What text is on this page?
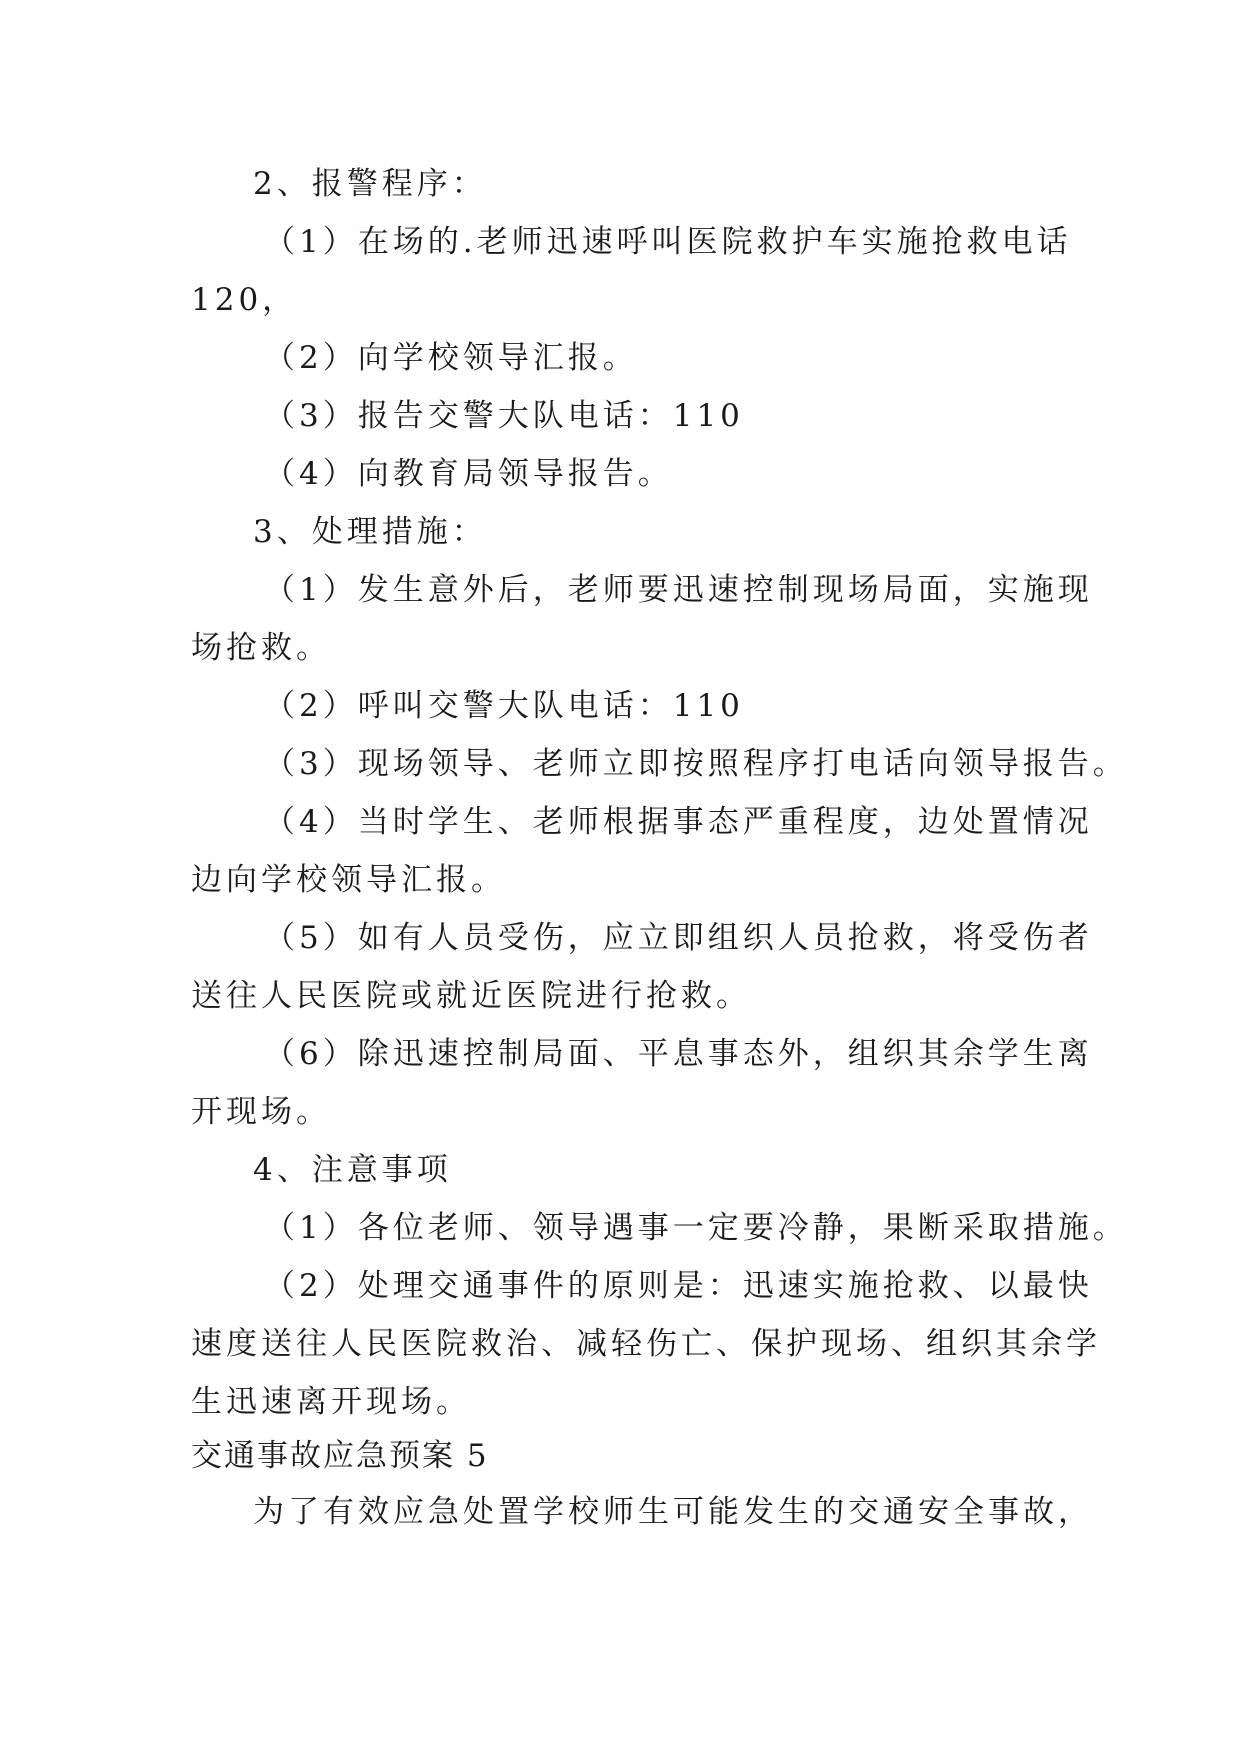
2、报警程序：
（1）在场的.老师迅速呼叫医院救护车实施抢救电话
120，
（2）向学校领导汇报。
（3）报告交警大队电话：110
（4）向教育局领导报告。
3、处理措施：
（1）发生意外后，老师要迅速控制现场局面，实施现
场抢救。
（2）呼叫交警大队电话：110
（3）现场领导、老师立即按照程序打电话向领导报告。
（4）当时学生、老师根据事态严重程度，边处置情况
边向学校领导汇报。
（5）如有人员受伤，应立即组织人员抢救，将受伤者
送往人民医院或就近医院进行抢救。
（6）除迅速控制局面、平息事态外，组织其余学生离
开现场。
4、注意事项
（1）各位老师、领导遇事一定要冷静，果断采取措施。
（2）处理交通事件的原则是：迅速实施抢救、以最快
速度送往人民医院救治、减轻伤亡、保护现场、组织其余学
生迅速离开现场。
交通事故应急预案 5
为了有效应急处置学校师生可能发生的交通安全事故，
